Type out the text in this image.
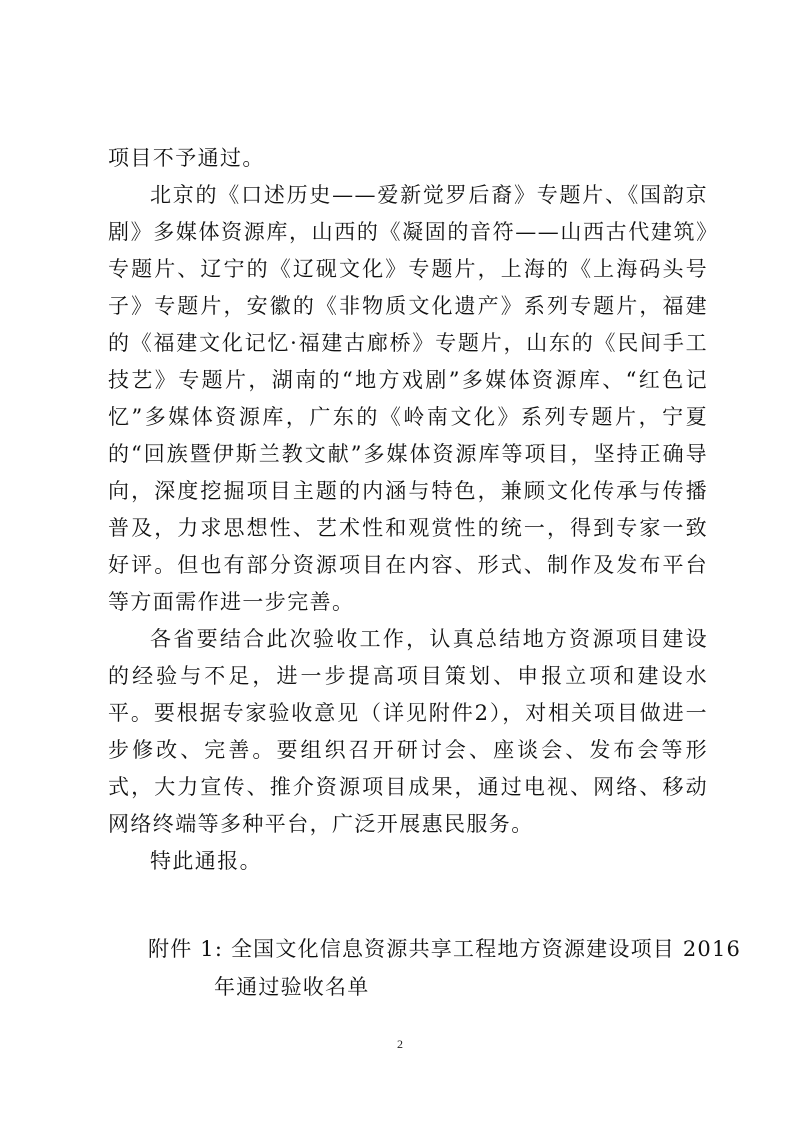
项目不予通过。

北京的《口述历史——爱新觉罗后裔》专题片、《国韵京剧》多媒体资源库，山西的《凝固的音符——山西古代建筑》专题片、辽宁的《辽砚文化》专题片，上海的《上海码头号子》专题片，安徽的《非物质文化遗产》系列专题片，福建的《福建文化记忆·福建古廊桥》专题片，山东的《民间手工技艺》专题片，湖南的“地方戏剧”多媒体资源库、“红色记忆”多媒体资源库，广东的《岭南文化》系列专题片，宁夏的“回族暨伊斯兰教文献”多媒体资源库等项目，坚持正确导向，深度挖掘项目主题的内涵与特色，兼顾文化传承与传播普及，力求思想性、艺术性和观赏性的统一，得到专家一致好评。但也有部分资源项目在内容、形式、制作及发布平台等方面需作进一步完善。

各省要结合此次验收工作，认真总结地方资源项目建设的经验与不足，进一步提高项目策划、申报立项和建设水平。要根据专家验收意见（详见附件2），对相关项目做进一步修改、完善。要组织召开研讨会、座谈会、发布会等形式，大力宣传、推介资源项目成果，通过电视、网络、移动网络终端等多种平台，广泛开展惠民服务。

特此通报。

附件 1: 全国文化信息资源共享工程地方资源建设项目 2016
年通过验收名单
2
